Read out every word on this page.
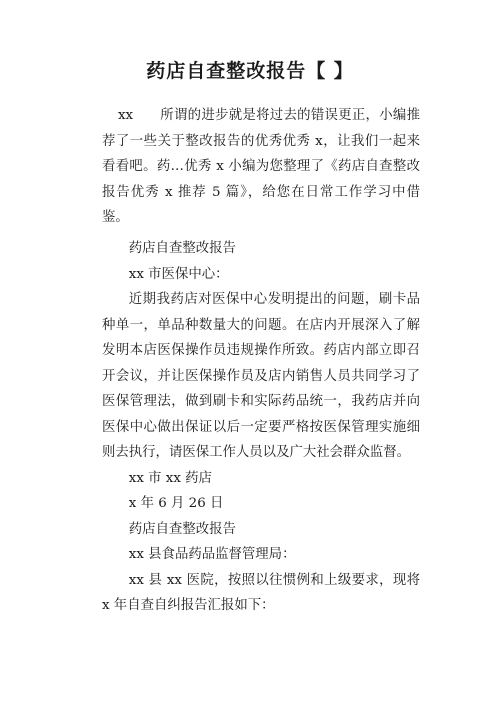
药店自查整改报告【 】

xx 所谓的进步就是将过去的错误更正，小编推荐了一些关于整改报告的优秀优秀 x，让我们一起来看看吧。药…优秀 x 小编为您整理了《药店自查整改报告优秀 x 推荐 5 篇》，给您在日常工作学习中借鉴。

药店自查整改报告

xx 市医保中心：

近期我药店对医保中心发明提出的问题，刷卡品种单一，单品种数量大的问题。在店内开展深入了解发明本店医保操作员违规操作所致。药店内部立即召开会议，并让医保操作员及店内销售人员共同学习了医保管理法，做到刷卡和实际药品统一，我药店并向医保中心做出保证以后一定要严格按医保管理实施细则去执行，请医保工作人员以及广大社会群众监督。

xx 市 xx 药店

x 年 6 月 26 日

药店自查整改报告

xx 县食品药品监督管理局：

xx 县 xx 医院，按照以往惯例和上级要求，现将 x 年自查自纠报告汇报如下：
